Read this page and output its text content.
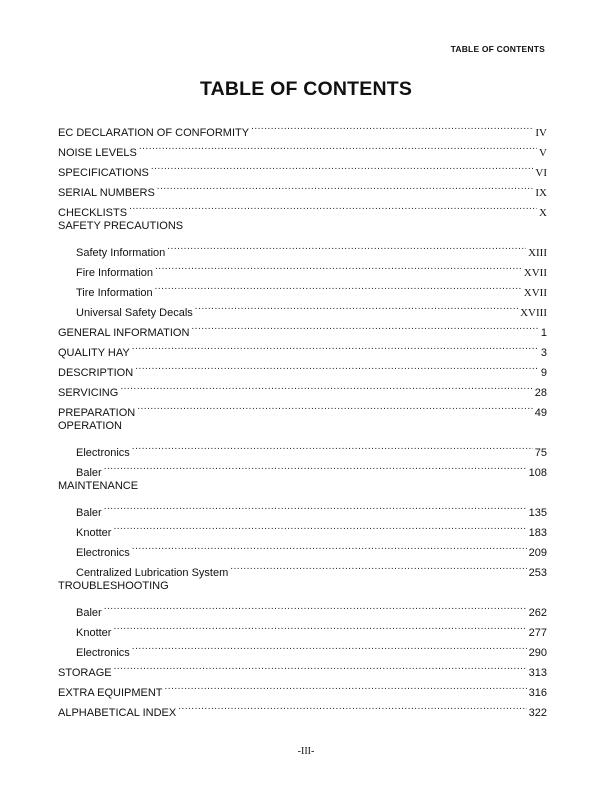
TABLE OF CONTENTS
TABLE OF CONTENTS
EC DECLARATION OF CONFORMITY .....	IV
NOISE LEVELS .....	V
SPECIFICATIONS .....	VI
SERIAL NUMBERS .....	IX
CHECKLISTS .....	X
SAFETY PRECAUTIONS
Safety Information .....	XIII
Fire Information .....	XVII
Tire Information .....	XVII
Universal Safety Decals .....	XVIII
GENERAL INFORMATION .....	1
QUALITY HAY .....	3
DESCRIPTION .....	9
SERVICING .....	28
PREPARATION .....	49
OPERATION
Electronics .....	75
Baler .....	108
MAINTENANCE
Baler .....	135
Knotter .....	183
Electronics .....	209
Centralized Lubrication System .....	253
TROUBLESHOOTING
Baler .....	262
Knotter .....	277
Electronics .....	290
STORAGE .....	313
EXTRA EQUIPMENT .....	316
ALPHABETICAL INDEX .....	322
-III-
